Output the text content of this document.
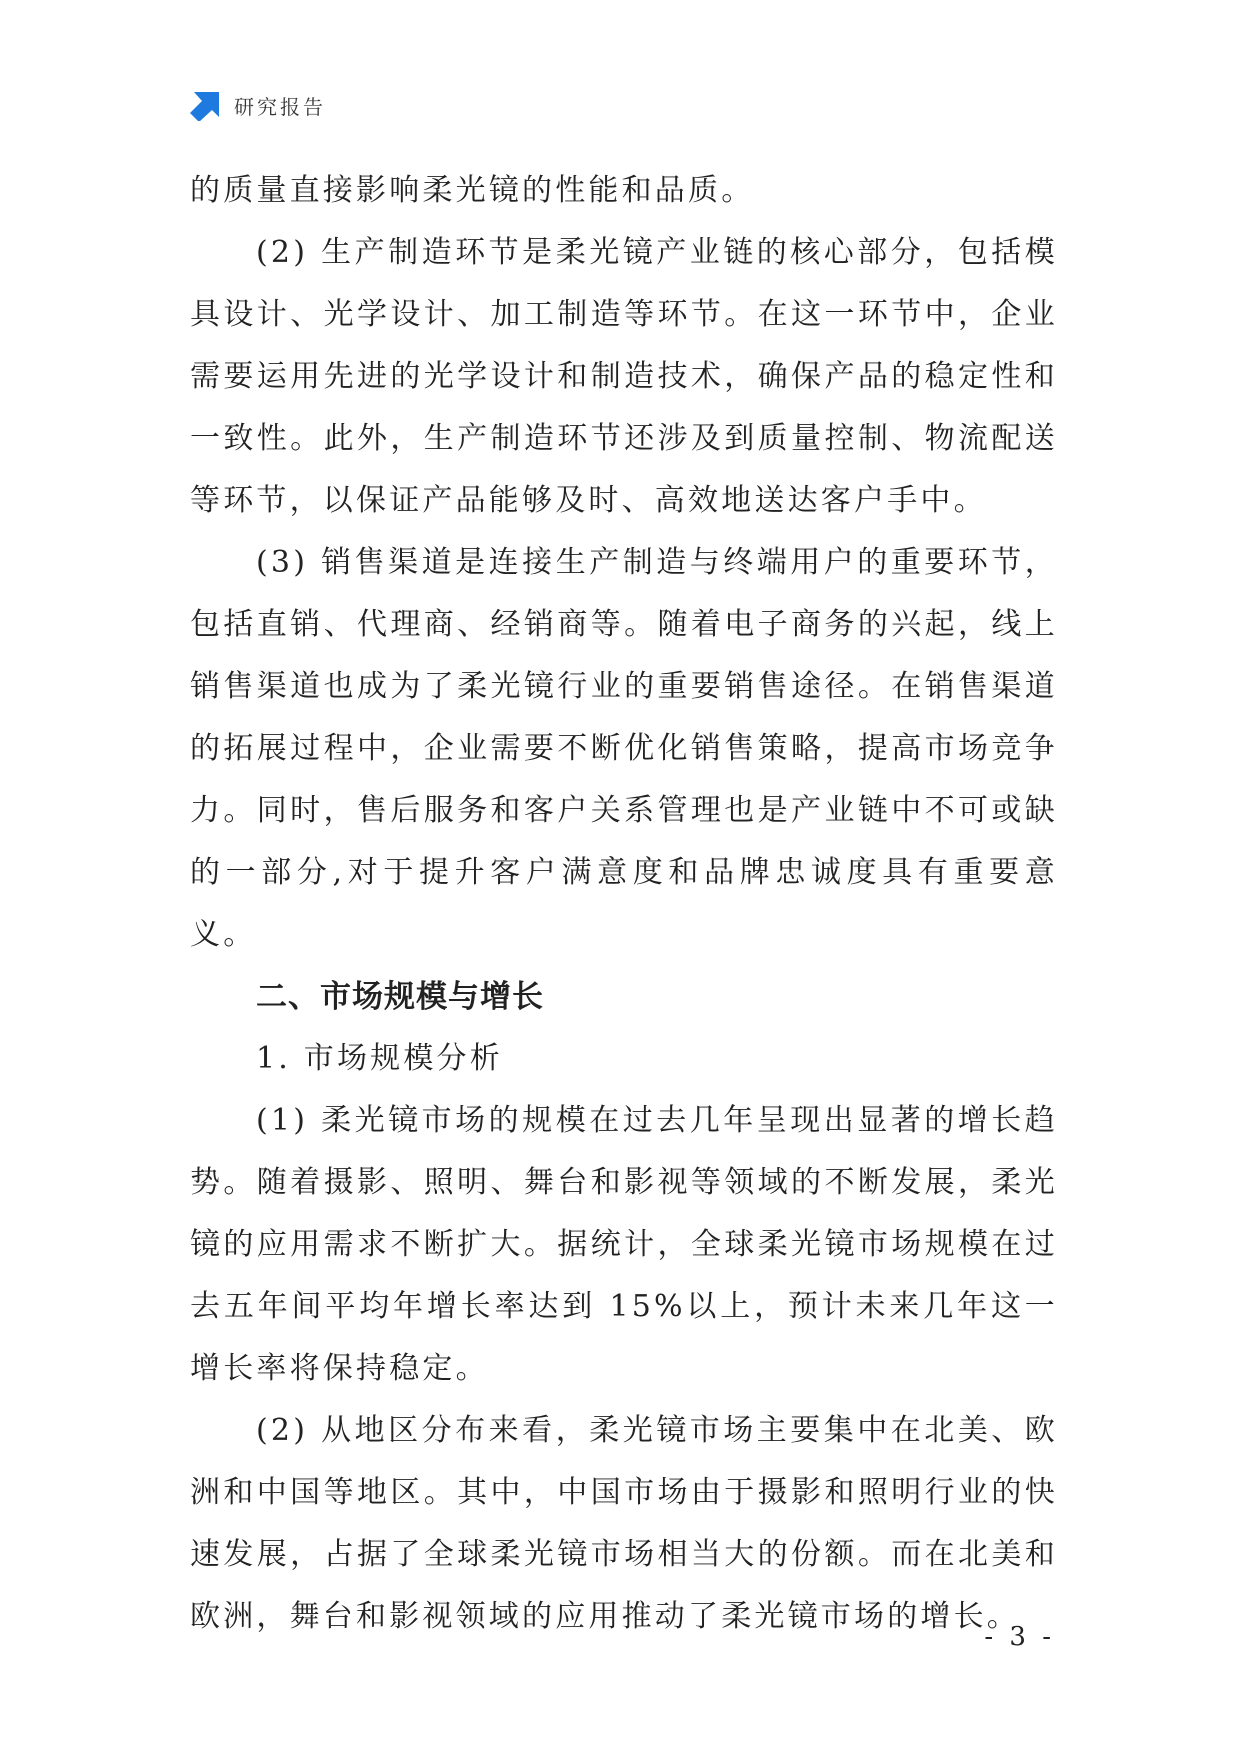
研究报告

的质量直接影响柔光镜的性能和品质。

(2) 生产制造环节是柔光镜产业链的核心部分，包括模具设计、光学设计、加工制造等环节。在这一环节中，企业需要运用先进的光学设计和制造技术，确保产品的稳定性和一致性。此外，生产制造环节还涉及到质量控制、物流配送等环节，以保证产品能够及时、高效地送达客户手中。

(3) 销售渠道是连接生产制造与终端用户的重要环节，包括直销、代理商、经销商等。随着电子商务的兴起，线上销售渠道也成为了柔光镜行业的重要销售途径。在销售渠道的拓展过程中，企业需要不断优化销售策略，提高市场竞争力。同时，售后服务和客户关系管理也是产业链中不可或缺的一部分,对于提升客户满意度和品牌忠诚度具有重要意义。

二、市场规模与增长

1. 市场规模分析

(1) 柔光镜市场的规模在过去几年呈现出显著的增长趋势。随着摄影、照明、舞台和影视等领域的不断发展，柔光镜的应用需求不断扩大。据统计，全球柔光镜市场规模在过去五年间平均年增长率达到 15%以上，预计未来几年这一增长率将保持稳定。

(2) 从地区分布来看，柔光镜市场主要集中在北美、欧洲和中国等地区。其中，中国市场由于摄影和照明行业的快速发展，占据了全球柔光镜市场相当大的份额。而在北美和欧洲，舞台和影视领域的应用推动了柔光镜市场的增长。

- 3 -
